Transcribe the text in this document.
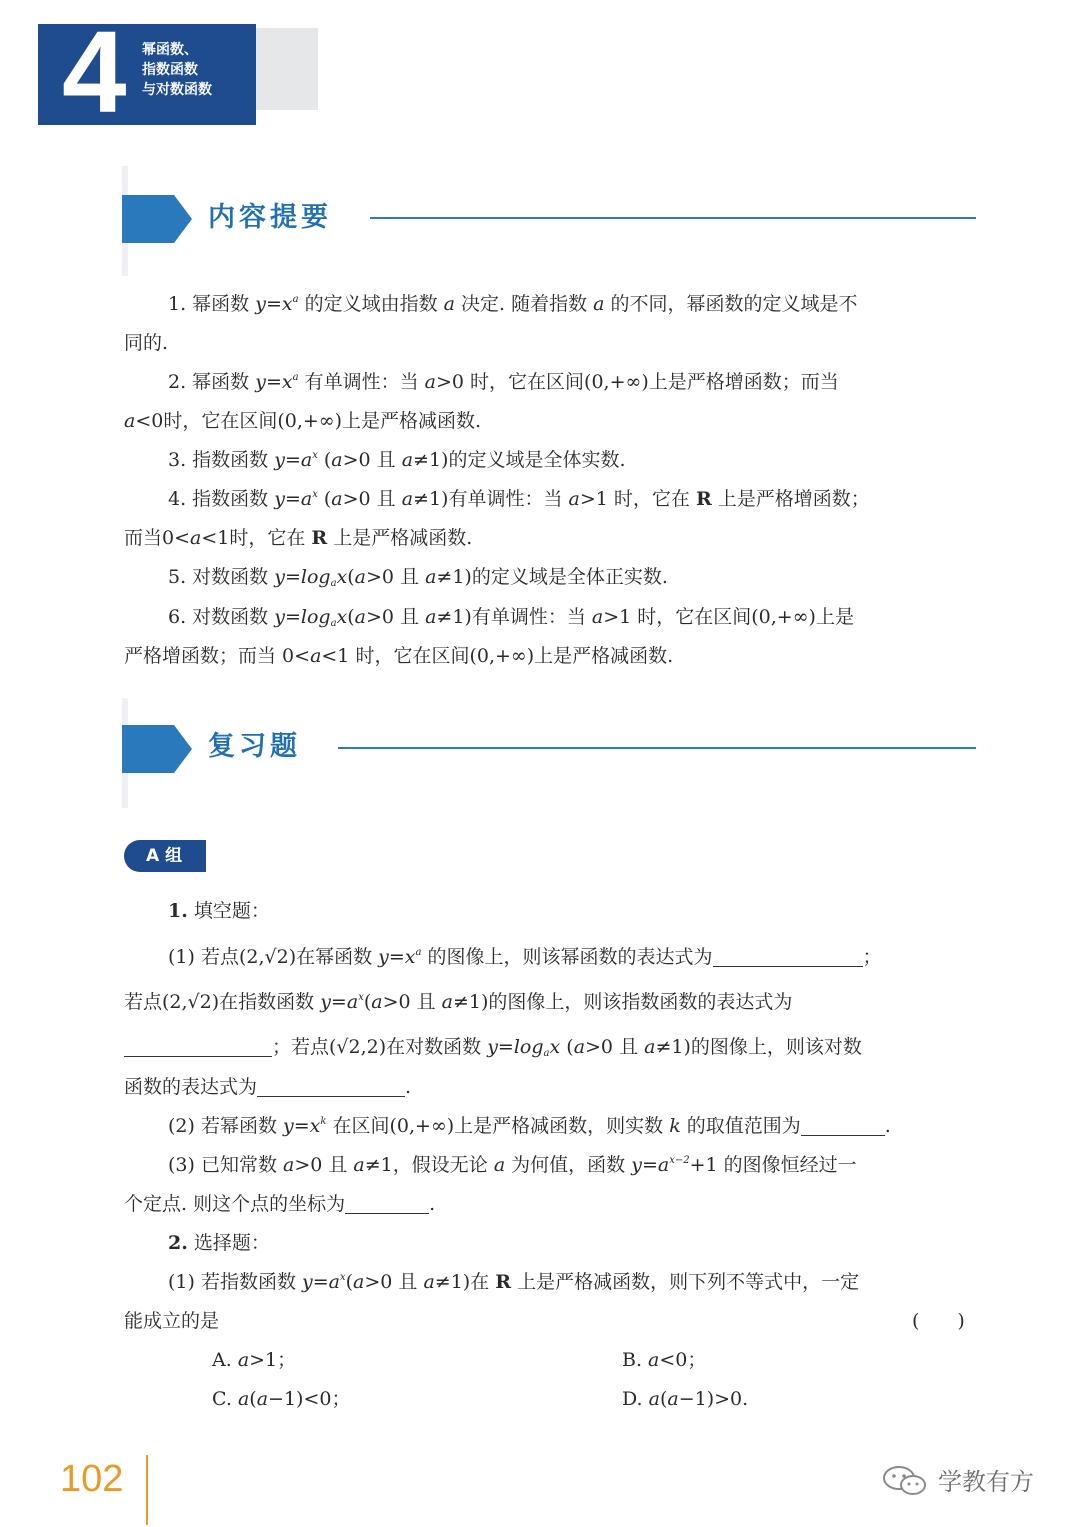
4 幂函数、
指数函数
与对数函数
内容提要
1. 幂函数 $y=x^a$ 的定义域由指数 a 决定. 随着指数 a 的不同，幂函数的定义域是不
同的.
2. 幂函数 $y=x^a$ 有单调性：当 a>0 时，它在区间(0,+∞)上是严格增函数；而当
a<0时，它在区间(0,+∞)上是严格减函数.
3. 指数函数 $y=a^x$ (a>0 且 a≠1)的定义域是全体实数.
4. 指数函数 $y=a^x$ (a>0 且 a≠1)有单调性：当 a>1 时，它在 R 上是严格增函数；
而当0<a<1时，它在 R 上是严格减函数.
5. 对数函数 $y=\log_ax(a>0$ 且 a≠1)的定义域是全体正实数.
6. 对数函数 $y=\log_ax(a>0$ 且 a≠1)有单调性：当 a>1 时，它在区间(0,+∞)上是
严格增函数；而当 0<a<1 时，它在区间(0,+∞)上是严格减函数.
复习题
A 组
1. 填空题：
(1) 若点(2,√2)在幂函数 $y=x^a$ 的图像上，则该幂函数的表达式为	；
若点(2,√2)在指数函数 $y=a^x(a>0$ 且 a≠1)的图像上，则该指数函数的表达式为
；若点(√2,2)在对数函数 $y=\log_ax$ (a>0 且 a≠1)的图像上，则该对数
函数的表达式为	.
(2) 若幂函数 $y=x^k$ 在区间(0,+∞)上是严格减函数，则实数 k 的取值范围为	.
(3) 已知常数 a>0 且 a≠1，假设无论 a 为何值，函数 $y=a^{x-2}+1$ 的图像恒经过一
个定点. 则这个点的坐标为	.
2. 选择题：
(1) 若指数函数 $y=a^x(a>0$ 且 a≠1)在 R 上是严格减函数，则下列不等式中，一定
能成立的是	(　　)
A. a>1；	B. a<0；
C. a(a−1)<0；	D. a(a−1)>0.
102	学教有方
